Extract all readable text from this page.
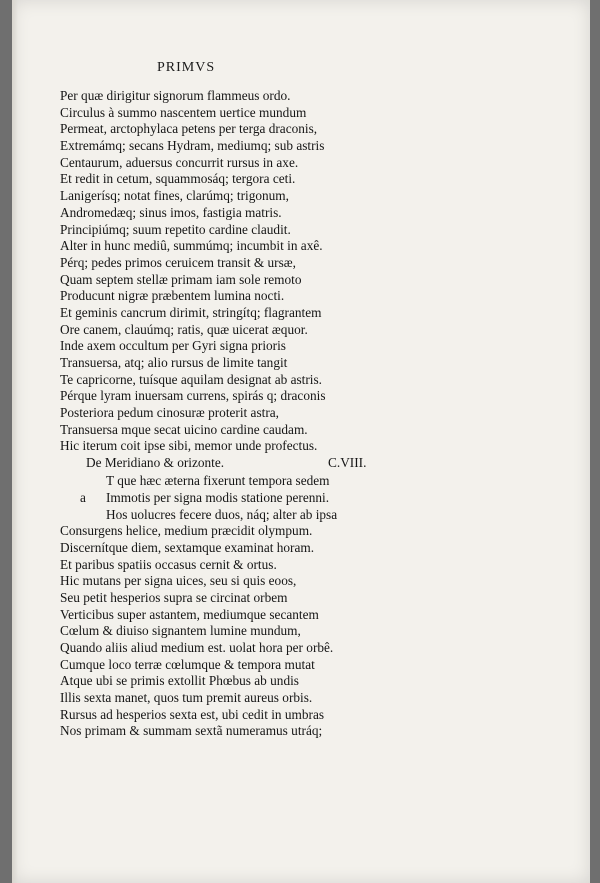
PRIMVS
Per quæ dirigitur signorum flammeus ordo.
Circulus à summo nascentem uertice mundum
Permeat, arctophylaca petens per terga draconis,
Extremámq; secans Hydram, mediumq; sub astris
Centaurum, aduersus concurrit rursus in axe.
Et redit in cetum, squammosáq; tergora ceti.
Lanigerísq; notat fines, clarúmq; trigonum,
Andromedæq; sinus imos, fastigia matris.
Principiúmq; suum repetito cardine claudit.
Alter in hunc mediû, summúmq; incumbit in axê.
Pérq; pedes primos ceruicem transit & ursæ,
Quam septem stellæ primam iam sole remoto
Producunt nigræ præbentem lumina nocti.
Et geminis cancrum dirimit, stringítq; flagrantem
Ore canem, clauúmq; ratis, quæ uicerat æquor.
Inde axem occultum per Gyri signa prioris
Transuersa, atq; alio rursus de limite tangit
Te capricorne, tuísque aquilam designat ab astris.
Pérque lyram inuersam currens, spirás q; draconis
Posteriora pedum cinosuræ proterit astra,
Transuersa mque secat uicino cardine caudam.
Hic iterum coit ipse sibi, memor unde profectus.
De Meridiano & orizonte.	C.VIII.
T que hæc æterna fixerunt tempora sedem
a Immotis per signa modis statione perenni.
Hos uolucres fecere duos, náq; alter ab ipsa
Consurgens helice, medium præcidit olympum.
Discernítque diem, sextamque examinat horam.
Et paribus spatiis occasus cernit & ortus.
Hic mutans per signa uices, seu si quis eoos,
Seu petit hesperios supra se circinat orbem
Verticibus super astantem, mediumque secantem
Cœlum & diuiso signantem lumine mundum,
Quando aliis aliud medium est. uolat hora per orbê.
Cumque loco terræ cœlumque & tempora mutat
Atque ubi se primis extollit Phœbus ab undis
Illis sexta manet, quos tum premit aureus orbis.
Rursus ad hesperios sexta est, ubi cedit in umbras
Nos primam & summam sextã numeramus utráq;
